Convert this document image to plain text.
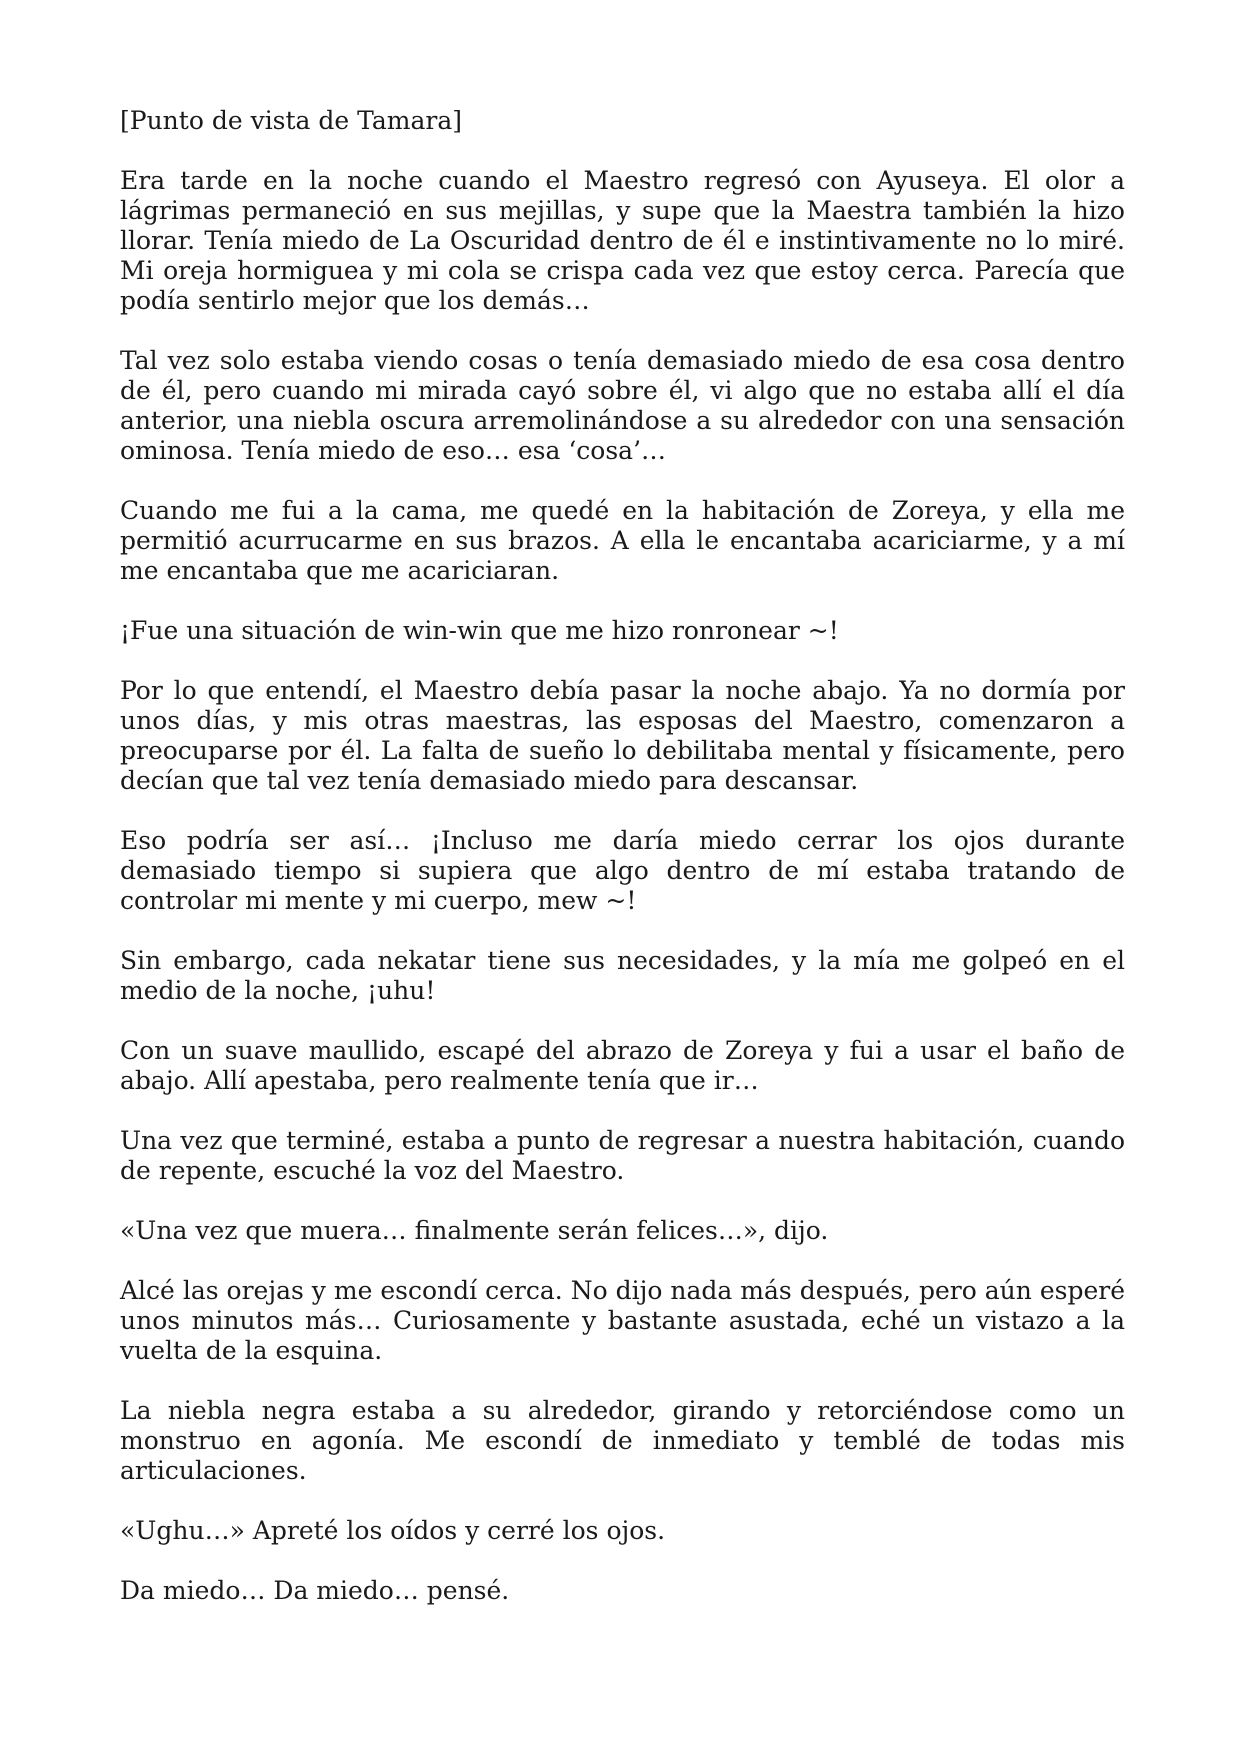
[Punto de vista de Tamara]

Era tarde en la noche cuando el Maestro regresó con Ayuseya. El olor a lágrimas permaneció en sus mejillas, y supe que la Maestra también la hizo llorar. Tenía miedo de La Oscuridad dentro de él e instintivamente no lo miré. Mi oreja hormiguea y mi cola se crispa cada vez que estoy cerca. Parecía que podía sentirlo mejor que los demás…

Tal vez solo estaba viendo cosas o tenía demasiado miedo de esa cosa dentro de él, pero cuando mi mirada cayó sobre él, vi algo que no estaba allí el día anterior, una niebla oscura arremolinándose a su alrededor con una sensación ominosa. Tenía miedo de eso… esa ‘cosa’…

Cuando me fui a la cama, me quedé en la habitación de Zoreya, y ella me permitió acurrucarme en sus brazos. A ella le encantaba acariciarme, y a mí me encantaba que me acariciaran.

¡Fue una situación de win-win que me hizo ronronear ~!

Por lo que entendí, el Maestro debía pasar la noche abajo. Ya no dormía por unos días, y mis otras maestras, las esposas del Maestro, comenzaron a preocuparse por él. La falta de sueño lo debilitaba mental y físicamente, pero decían que tal vez tenía demasiado miedo para descansar.

Eso podría ser así… ¡Incluso me daría miedo cerrar los ojos durante demasiado tiempo si supiera que algo dentro de mí estaba tratando de controlar mi mente y mi cuerpo, mew ~!

Sin embargo, cada nekatar tiene sus necesidades, y la mía me golpeó en el medio de la noche, ¡uhu!

Con un suave maullido, escapé del abrazo de Zoreya y fui a usar el baño de abajo. Allí apestaba, pero realmente tenía que ir…

Una vez que terminé, estaba a punto de regresar a nuestra habitación, cuando de repente, escuché la voz del Maestro.

«Una vez que muera… finalmente serán felices…», dijo.

Alcé las orejas y me escondí cerca. No dijo nada más después, pero aún esperé unos minutos más… Curiosamente y bastante asustada, eché un vistazo a la vuelta de la esquina.

La niebla negra estaba a su alrededor, girando y retorciéndose como un monstruo en agonía. Me escondí de inmediato y temblé de todas mis articulaciones.

«Ughu…» Apreté los oídos y cerré los ojos.

Da miedo… Da miedo… pensé.
